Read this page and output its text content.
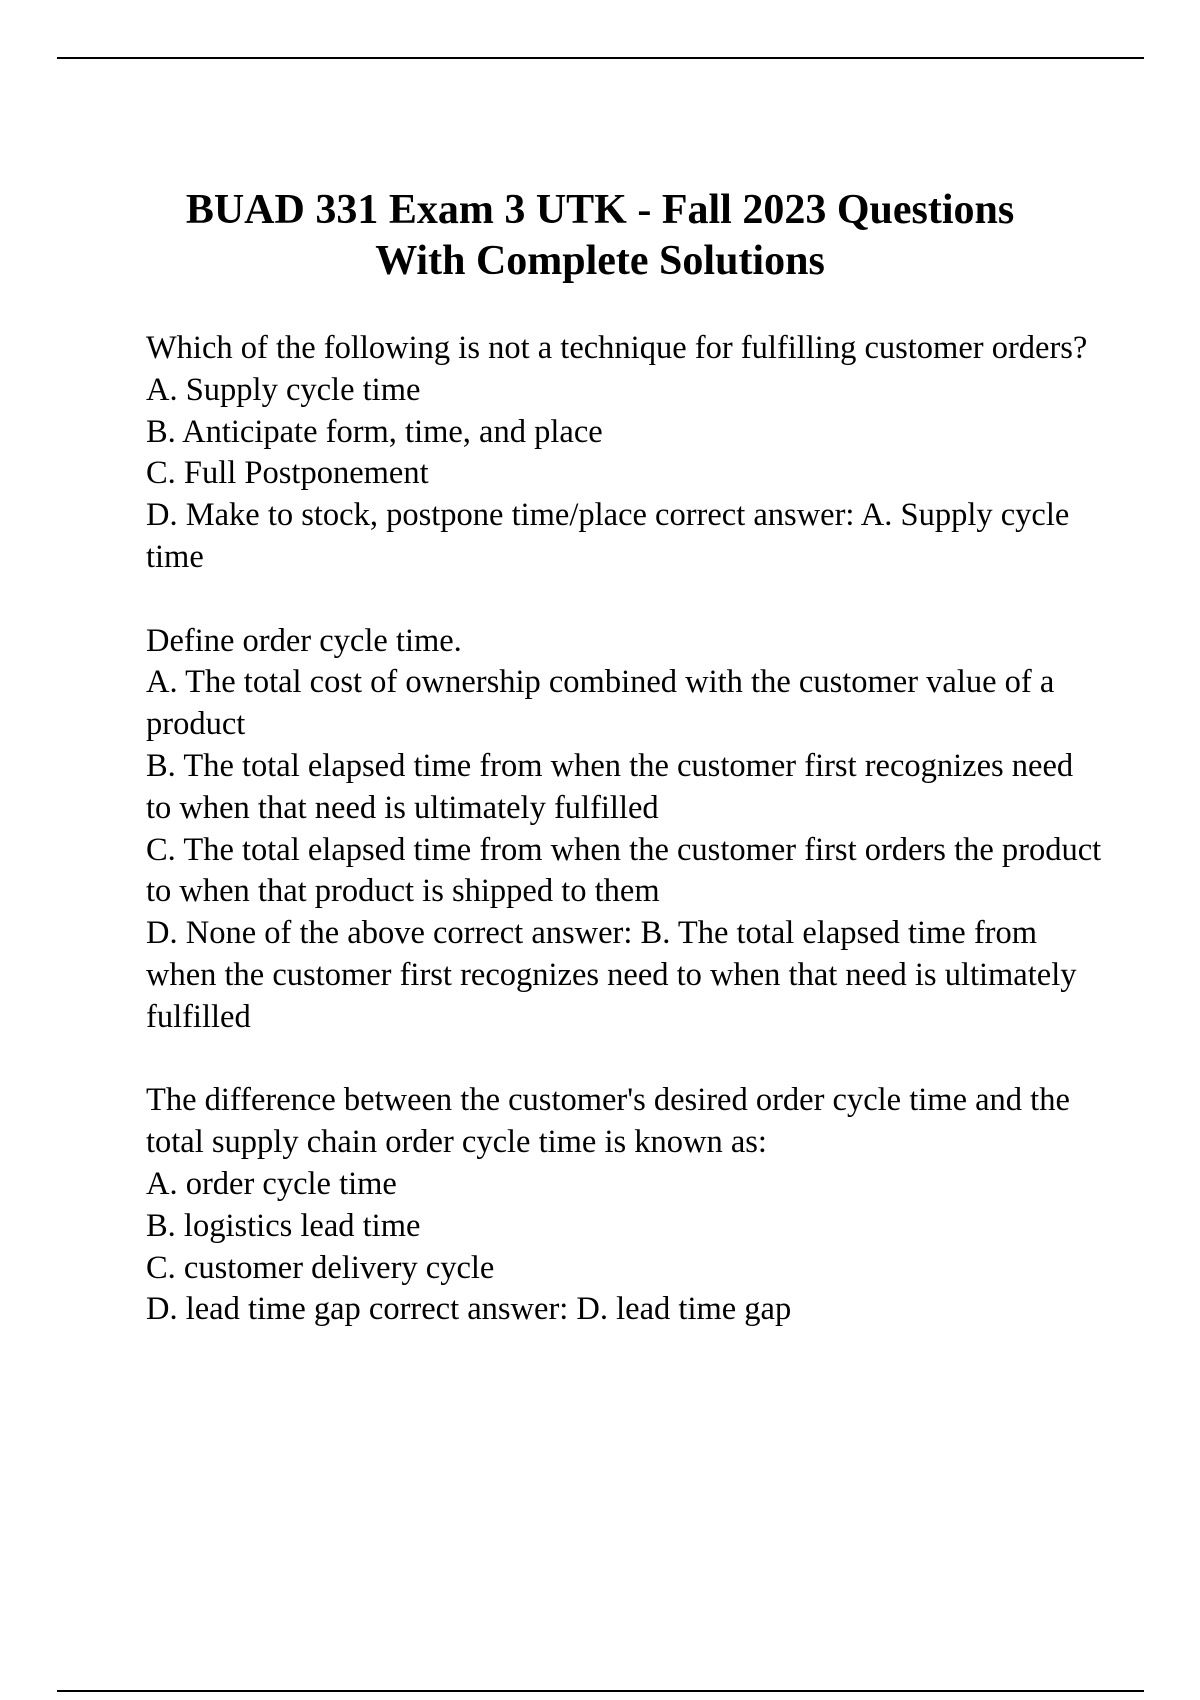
BUAD 331 Exam 3 UTK - Fall 2023 Questions
With Complete Solutions

Which of the following is not a technique for fulfilling customer orders?

A. Supply cycle time

B. Anticipate form, time, and place

C. Full Postponement

D. Make to stock, postpone time/place correct answer: A. Supply cycle time

Define order cycle time.

A. The total cost of ownership combined with the customer value of a product

B. The total elapsed time from when the customer first recognizes need to when that need is ultimately fulfilled

C. The total elapsed time from when the customer first orders the product to when that product is shipped to them

D. None of the above correct answer: B. The total elapsed time from when the customer first recognizes need to when that need is ultimately fulfilled

The difference between the customer's desired order cycle time and the total supply chain order cycle time is known as:

A. order cycle time

B. logistics lead time

C. customer delivery cycle

D. lead time gap correct answer: D. lead time gap
